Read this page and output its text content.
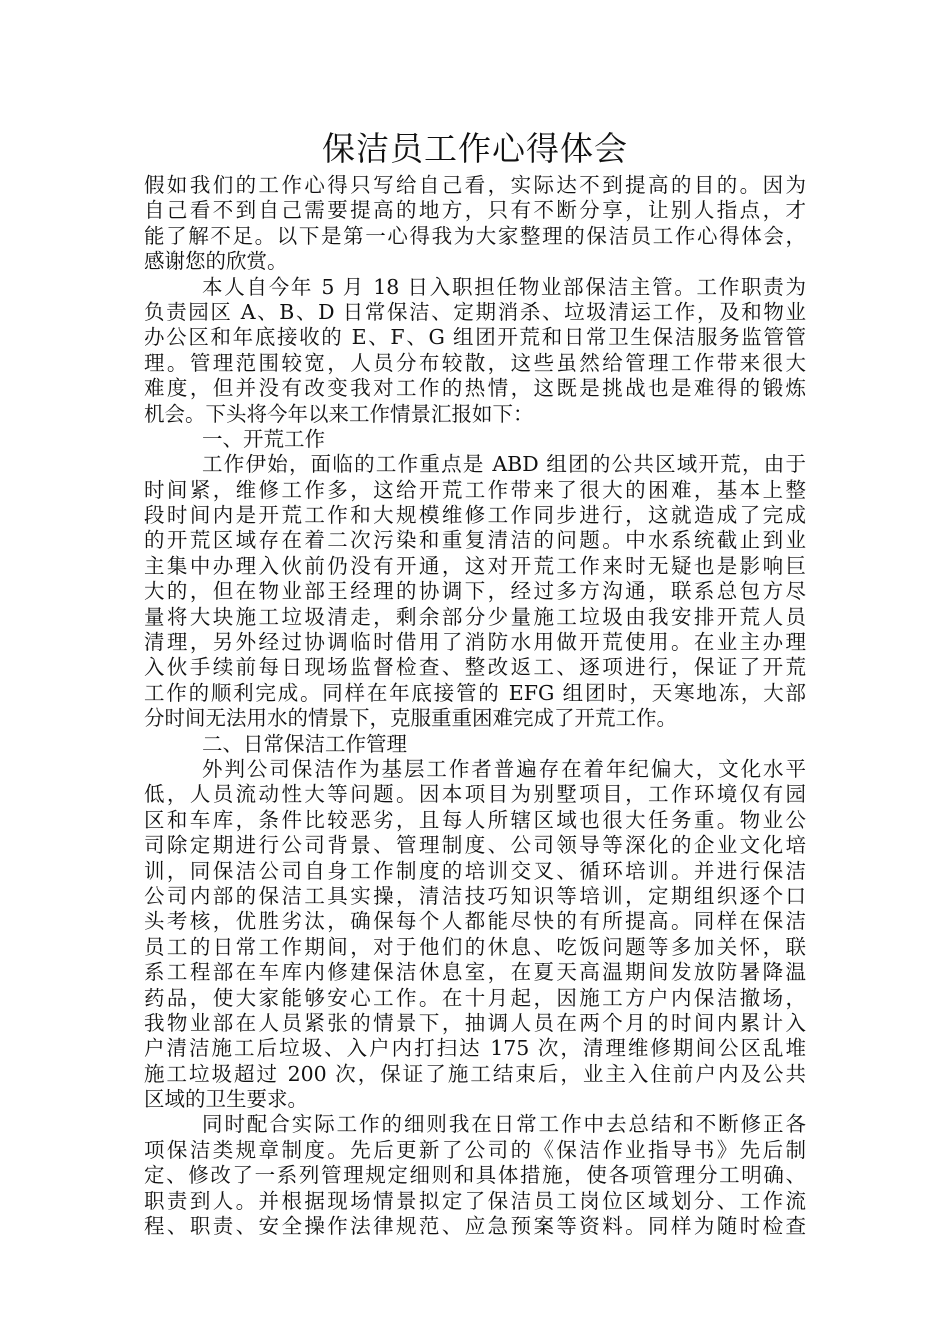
保洁员工作心得体会
假如我们的工作心得只写给自己看，实际达不到提高的目的。因为
自己看不到自己需要提高的地方，只有不断分享，让别人指点，才
能了解不足。以下是第一心得我为大家整理的保洁员工作心得体会，
感谢您的欣赏。
本人自今年 5 月 18 日入职担任物业部保洁主管。工作职责为
负责园区 A、B、D 日常保洁、定期消杀、垃圾清运工作，及和物业
办公区和年底接收的 E、F、G 组团开荒和日常卫生保洁服务监管管
理。管理范围较宽，人员分布较散，这些虽然给管理工作带来很大
难度，但并没有改变我对工作的热情，这既是挑战也是难得的锻炼
机会。下头将今年以来工作情景汇报如下：
一、开荒工作
工作伊始，面临的工作重点是 ABD 组团的公共区域开荒，由于
时间紧，维修工作多，这给开荒工作带来了很大的困难，基本上整
段时间内是开荒工作和大规模维修工作同步进行，这就造成了完成
的开荒区域存在着二次污染和重复清洁的问题。中水系统截止到业
主集中办理入伙前仍没有开通，这对开荒工作来时无疑也是影响巨
大的，但在物业部王经理的协调下，经过多方沟通，联系总包方尽
量将大块施工垃圾清走，剩余部分少量施工垃圾由我安排开荒人员
清理，另外经过协调临时借用了消防水用做开荒使用。在业主办理
入伙手续前每日现场监督检查、整改返工、逐项进行，保证了开荒
工作的顺利完成。同样在年底接管的 EFG 组团时，天寒地冻，大部
分时间无法用水的情景下，克服重重困难完成了开荒工作。
二、日常保洁工作管理
外判公司保洁作为基层工作者普遍存在着年纪偏大，文化水平
低，人员流动性大等问题。因本项目为别墅项目，工作环境仅有园
区和车库，条件比较恶劣，且每人所辖区域也很大任务重。物业公
司除定期进行公司背景、管理制度、公司领导等深化的企业文化培
训，同保洁公司自身工作制度的培训交叉、循环培训。并进行保洁
公司内部的保洁工具实操，清洁技巧知识等培训，定期组织逐个口
头考核，优胜劣汰，确保每个人都能尽快的有所提高。同样在保洁
员工的日常工作期间，对于他们的休息、吃饭问题等多加关怀，联
系工程部在车库内修建保洁休息室，在夏天高温期间发放防暑降温
药品，使大家能够安心工作。在十月起，因施工方户内保洁撤场，
我物业部在人员紧张的情景下，抽调人员在两个月的时间内累计入
户清洁施工后垃圾、入户内打扫达 175 次，清理维修期间公区乱堆
施工垃圾超过 200 次，保证了施工结束后，业主入住前户内及公共
区域的卫生要求。
同时配合实际工作的细则我在日常工作中去总结和不断修正各
项保洁类规章制度。先后更新了公司的《保洁作业指导书》先后制
定、修改了一系列管理规定细则和具体措施，使各项管理分工明确、
职责到人。并根据现场情景拟定了保洁员工岗位区域划分、工作流
程、职责、安全操作法律规范、应急预案等资料。同样为随时检查
